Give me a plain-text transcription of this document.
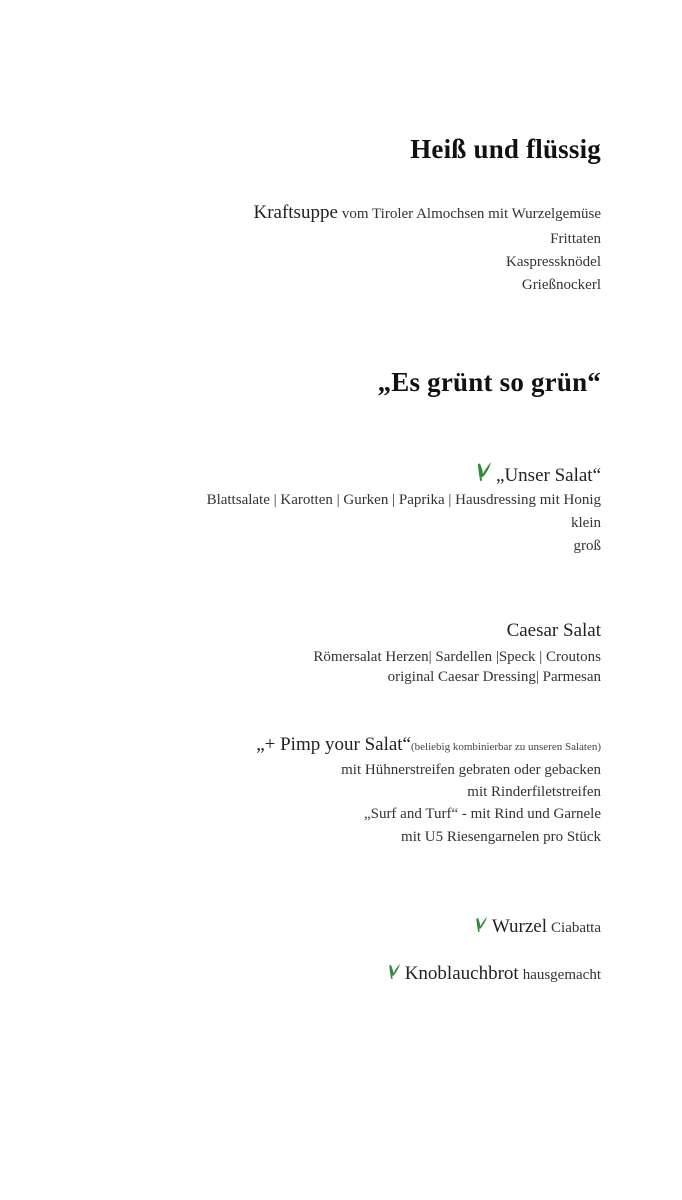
Heiß und flüssig
Kraftsuppe vom Tiroler Almochsen mit Wurzelgemüse
Frittaten
Kaspressknödel
Grießnockerl
„Es grünt so grün“
„Unser Salat“
Blattsalate | Karotten | Gurken | Paprika | Hausdressing mit Honig
klein
groß
Caesar Salat
Römersalat Herzen| Sardellen |Speck | Croutons
original Caesar Dressing| Parmesan
„+ Pimp your Salat“(beliebig kombinierbar zu unseren Salaten)
mit Hühnerstreifen gebraten oder gebacken
mit Rinderfiletstreifen
„Surf and Turf“ - mit Rind und Garnele
mit U5 Riesengarnelen pro Stück
Wurzel Ciabatta
Knoblauchbrot hausgemacht
